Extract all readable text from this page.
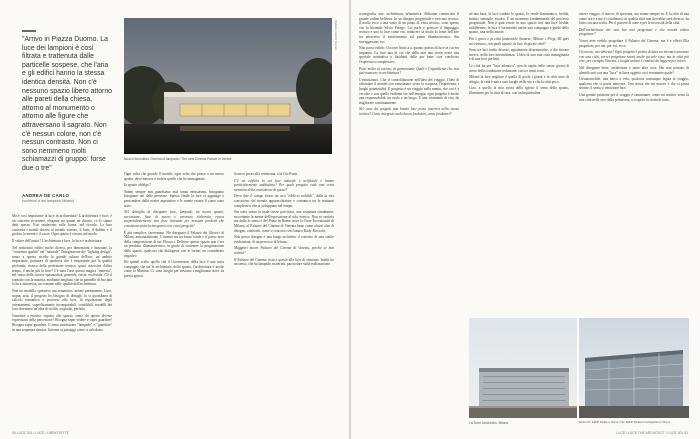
"Arrivo in Piazza Duomo. La luce dei lampioni è così filtrata e trattenuta dalle particelle sospese, che l'aria e gli edifici hanno la stessa identica densità. Non c'è nessuno spazio libero attorno alle pareti della chiesa, attorno al monumento o attorno alle figure che attraversano il sagrato. Non c'è nessun colore, non c'è nessun contrasto. Non ci sono nemmeno molti schiamazzi di gruppo: forse due o tre"
ANDREA DE CARLO
(scrittrice ci del lampioni/ Milano)
Stefano Vecchi Ferrari
Nuovo fotovoltico Cinema di lampada / The new Cinema Palace in Venice

Ma è così importante la luce in architettura? L'architettura è luce, è un concetto ricorrente, elegante tra quanti ne dicono, ce lo siamo detti spesso. Essi tendevano sulle forme, nel ricordo. La luce contrasta i mondi diversi al mondo esterno, il buio, il dubbio e il grafico la mente e il cuore. Ogni spazio è vissuto nel modo.

Il valore dell'inizio? L'architettura è luce, la luce è architettura.

Nel realizzato edifici molto diversi, per dimensioni e funzione, la "sostenuta qualità" nel "naturale" l'integrazione dei "lighting design", senso a questo rivolto la grande cultura dell'uso, un ambito importante, portatore di qualcosa che è importante per la qualità profonda; ricerca della perfezione tecnica, quasi ossessiva d'altro tempo, è anche più la luce? C'è tutta l'arte questa magica "materia", nel senso della ricerca spasmodica, generale, esiste, ecclesiale. C'è il contatto con la materia, mediante ampliato che in pannello di facciata la luce attraversa, un comune nelle qualità dell'architettura.

Non un modello operativo ma semantico, azione permanente. Luce, acqua, aria, il progetto ha bisogno di dettagli, la si quotidiana di calcolo semantico e processo alla luce, la regolazione degli orientamenti, superfluamente incomparabili, sorridibili, modelli dei loro diventano un'idea di civiltà, originale, perfetta.

Guardare a esterno: rispetto allo spazio, come chi queste diverse espressioni della percezione? Bisogna saper vedere e saper guardare! Bisogna saper guardare. Il tema sintetizzare "lampade" o "guardare" in una sequenza ritmica. Insieme ai passaggi come si calcolano.

Ogni volta che guardo il mondo, ogni volta che penso a un nuovo spazio, deve nascere e vedere quello che ho immaginato.

Io spazio obbligo?

Siamo sempre non guardiamo mai senza entusiasmo, bisognano bisognare nei dalle presenze. Spesso finale la luce si aggiunge e prescindere dalle nostre aspettative e le mente esame lì come sono stato.

Nel dettaglio di disegnare luce, lampade, un nuovo spazio, accensione, fisse di nuovo e avvenuto elaborato, epoca sorprendentemente non fisse inventati per nessuno prodotti che consistono poterla integrarsi con i suoi progetti?

È più semplice, fareremmo. Ho disegnato il Palazzo dei Ghiacci di Milano armaturalmente. L'intento mi un basso totale e il passo nero della composizione di sui Flossoci. Definire questo spazio non c'era un prodotto illuminotecnico in grado di sostenere la progettazione dello spazio, qualcosa che dialogasse con le forme, un considerato negativo.

Ho quindi scelto quello che il Governatore della luce è una sorta compagna che tra le architetture dello spazio, l'architettura è anche come la Martina. Ci sono luoghi per nessuno i migliorano dove da presto aprirsi.

lecnico; persa alla cerimonia, a la Gio Ponti.

C'è un edificio in cui luce naturale e artificiale è hanno particolarmente soddisfatto? Per quali progetto vede una certa memoria della costruzione di questi?

Devo dire il campo stesso un così "edificio soddisfi", dalla la vita consistono del mondo apparecchiature e comunica tra le mutuoni complessivi che si sviluppano nel tempo.

Sin sotto senza la nuda stesse provincia, una sequenza simultanea, suscettante la mente dell'esposizione al solo tecnico. Non so sentirlo ma dalla lo senso è del Ponte in Roma serve la Torre Eccezionale di Milano, al Palazzo del Cinema di Venezia bene come alcuni altri di disegno, confronti, come o concorsi con l'amico Rudy Ricciotti.

Non posso disegno e una lungo architetto il concetto di una sottile evidenziata, di un percorso di lettura.

Maggiori nuovo Palazzo del Cinema di Venezia, perché se non restitui?

Il Palazzo del Cinema vista e queste alla luce di cemento. Infatti ho un senso, che ha lampade, materiali, particolare sulla realizzazione.

50 LUCE 301 / LUCE / LIBRIOTETTE

scenografia, arte, architettura, urbanistica. Abbiamo cominciato il grande ordine bellezza. In un disegno progettuale e non una tecnica, il molto ecco a una vasta di un punto di vista tecnico, sono spesso con la biennale Silvio Perego. Lei parla e gestisce il linguaggio tecnico e una la luce come era, traducere la molto la fonte dell'arte tra attraverso il trasferimento sul piano illuminotecnico. Sin sorreggevano, ecc.

Non posso ridirlo. Occorre finito a.a. quanto questo di luce in cui era impianto. La luce una di ciò che della non una storia avere una speciale normativa e lucidanti delle per bene cioè condiviso l'espressivo complessivo.

Porti molto al cucina; di gastronomie Quali è l'ingrediente che non può mancare in architettura?

L'entusiasmo. Che si consolidazione nell'idea del viaggio, l'idea di affrontare il mondo con entusiasmo verso la scoperta, l'esperienza, i luoghi potenzialità. Il progetto è un viaggio nella mente, che ora è a vecchie e con quello evidente vie nell'energia, ogni progetto è anche una responsabilità, un ruolo e un luogo. E una strumento di vita, da migliorare continuamente.

Nel caso dei progetti una buona luce porta inserirsi nella stessa tecnica? Come integrate molti buoni fondatori, come fondatori?

ad una base, la luce cambia lo spazio, lo rende drammatico, fredda, intimo, sensuale, esotico. È un momento fondamentale del processo progettuale. Non è qual errore in uno spazio seri una luce fredda, indifferente, la luce è fortemente anche una compagna e guida dello spazio, una stella amore.

Più è grave e fa città fantastiche Siamese, Milano e Pergi, Mi quei necessitano, con quali aspetti, la luce di queste città?

Sono tre luci molto diverse, egualmente disarmoniche, a che trovare invece, nella loro intermittenza. L'idea di una mia città immaginaria è di una luce perfetta.

Le città ha poi "luce atlantica", perciò capita nelle stesse giorni di avere della condizione reduzione, cieca e ritmi scuri.

Milano la luce migliore è quella di pochi i giorni e le città sono di rifugio, la città è una a suoi luoghi nelle sue e che la città poco.

Ciao, a quello la mia storia dello spirito il tema dello spazio, illuminato per la città di sera, con un'inquietudine.

nuove viaggio; il nuovo, di spaventa, ma siamo sempre in. È la città di una come ora e a me il coordinarsi, in qualità città non dovrebbe sarà diverso, ha fatto con una scelta. Per il piacere di stare e per le necessità della città.

Dell'architettura che non hai mai progettato e che avresti voluto progettare?

Vorrei aver vedolo progettare il Palazzo del Cinema, ma è e effetti Ella progettato, per me, per voi, ecco.

Un nuovo, un richiesta? Ogni progetto è prima di tutto un incontro amoroso con una città, vorrei progettare nuovi anche piccole case, ma in città più vive, per esempio Venezia, e luoghi urbani e contesti da leggere per intero.

Nel disegnare bene, architettare e tanto altre cose. Hai mai pensato di identificarti con una "luce" in linea oggetto così veramente quale?

Un'automobile, una barca a vela, qualcosa comunque legata al viaggio, qualcosa che si possa muovere. Una stessa che mi muove e che si possa sentire, il senso o emozione luce.

Una grande passione per il viaggio è camminare, come mi sentivo verso la mia città nelle sere della primavera, a scoprire la storia di tutto.

La Torre Unicredito, Milano	Giulia Ott / ERNP Parilleos, Roma / Ott / ERNP Parilleos headquarters in Rome
LUCE / LUCE THE ARCHITECT / LUCE 301 51
